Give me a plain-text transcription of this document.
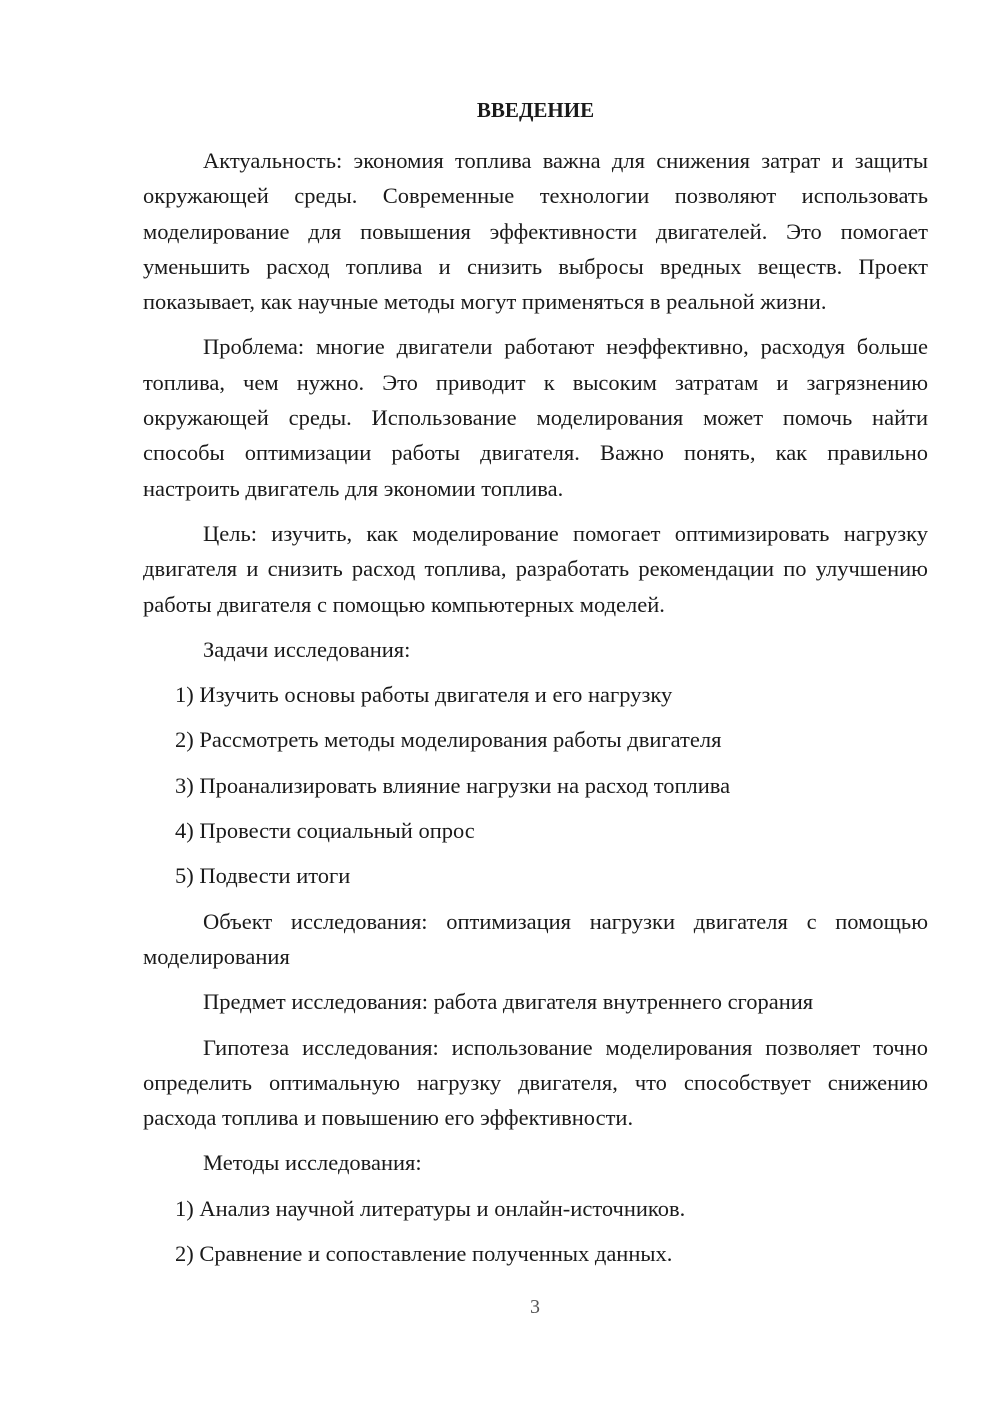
ВВЕДЕНИЕ

Актуальность: экономия топлива важна для снижения затрат и защиты окружающей среды. Современные технологии позволяют использовать моделирование для повышения эффективности двигателей. Это помогает уменьшить расход топлива и снизить выбросы вредных веществ. Проект показывает, как научные методы могут применяться в реальной жизни.

Проблема: многие двигатели работают неэффективно, расходуя больше топлива, чем нужно. Это приводит к высоким затратам и загрязнению окружающей среды. Использование моделирования может помочь найти способы оптимизации работы двигателя. Важно понять, как правильно настроить двигатель для экономии топлива.

Цель: изучить, как моделирование помогает оптимизировать нагрузку двигателя и снизить расход топлива, разработать рекомендации по улучшению работы двигателя с помощью компьютерных моделей.

Задачи исследования:

1) Изучить основы работы двигателя и его нагрузку

2) Рассмотреть методы моделирования работы двигателя

3) Проанализировать влияние нагрузки на расход топлива

4) Провести социальный опрос

5) Подвести итоги

Объект исследования: оптимизация нагрузки двигателя с помощью моделирования

Предмет исследования: работа двигателя внутреннего сгорания

Гипотеза исследования: использование моделирования позволяет точно определить оптимальную нагрузку двигателя, что способствует снижению расхода топлива и повышению его эффективности.

Методы исследования:

1) Анализ научной литературы и онлайн-источников.

2) Сравнение и сопоставление полученных данных.

3
